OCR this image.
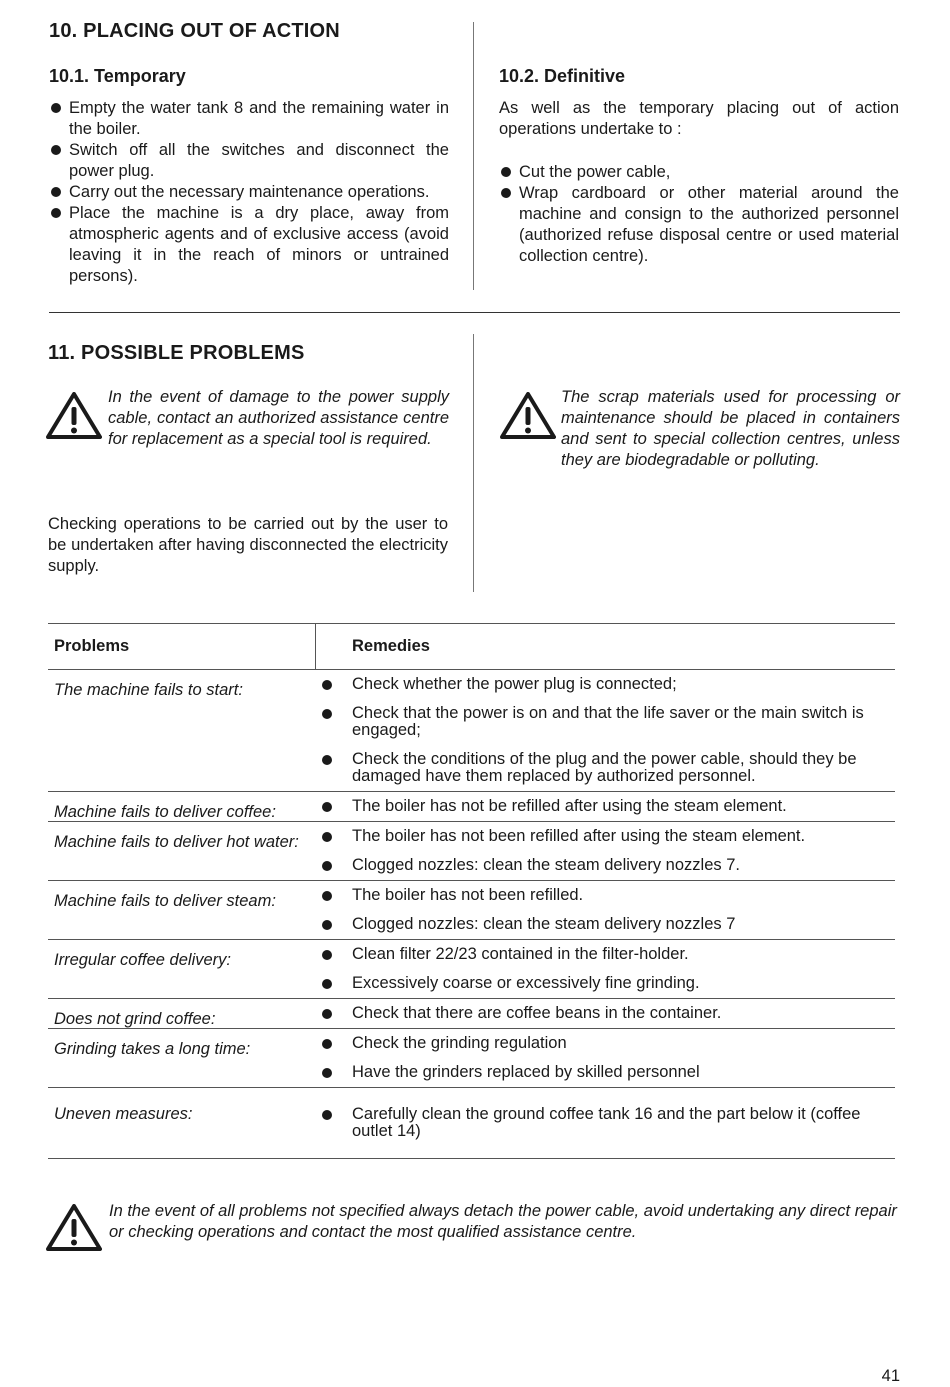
10. PLACING OUT OF ACTION
10.1. Temporary
Empty the water tank 8 and the remaining water in the boiler.
Switch off all the switches and disconnect the power plug.
Carry out the necessary maintenance operations.
Place the machine is a dry place, away from atmospheric agents and of exclusive access (avoid leaving it in the reach of minors or untrained persons).
10.2. Definitive

As well as the temporary placing out of action operations undertake to :

Cut the power cable,
Wrap cardboard or other material around the machine and consign to the authorized personnel (authorized refuse disposal centre or used material collection centre).
11. POSSIBLE PROBLEMS

In the event of damage to the power supply cable, contact an authorized assistance centre for replacement as a special tool is required.

Checking operations to be carried out by the user to be undertaken after having disconnected the electricity supply.

The scrap materials used for processing or maintenance should be placed in containers and sent to special collection centres, unless they are biodegradable or polluting.

Problems	Remedies
The machine fails to start:	Check whether the power plug is connected;
Check that the power is on and that the life saver or the main switch is engaged;
Check the conditions of the plug and the power cable, should they be damaged have them replaced by authorized personnel.
Machine fails to deliver coffee:	The boiler has not be refilled after using the steam element.
Machine fails to deliver hot water:	The boiler has not been refilled after using the steam element.
Clogged nozzles: clean the steam delivery nozzles 7.
Machine fails to deliver steam:	The boiler has not been refilled.
Clogged nozzles: clean the steam delivery nozzles 7
Irregular coffee delivery:	Clean filter 22/23 contained in the filter-holder.
Excessively coarse or excessively fine grinding.
Does not grind coffee:	Check that there are coffee beans in the container.
Grinding takes a long time:	Check the grinding regulation
Have the grinders replaced by skilled personnel
Uneven measures:	Carefully clean the ground coffee tank 16 and the part below it (coffee outlet 14)

In the event of all problems not specified always detach the power cable, avoid undertaking any direct repair or checking operations and contact the most qualified assistance centre.

41
